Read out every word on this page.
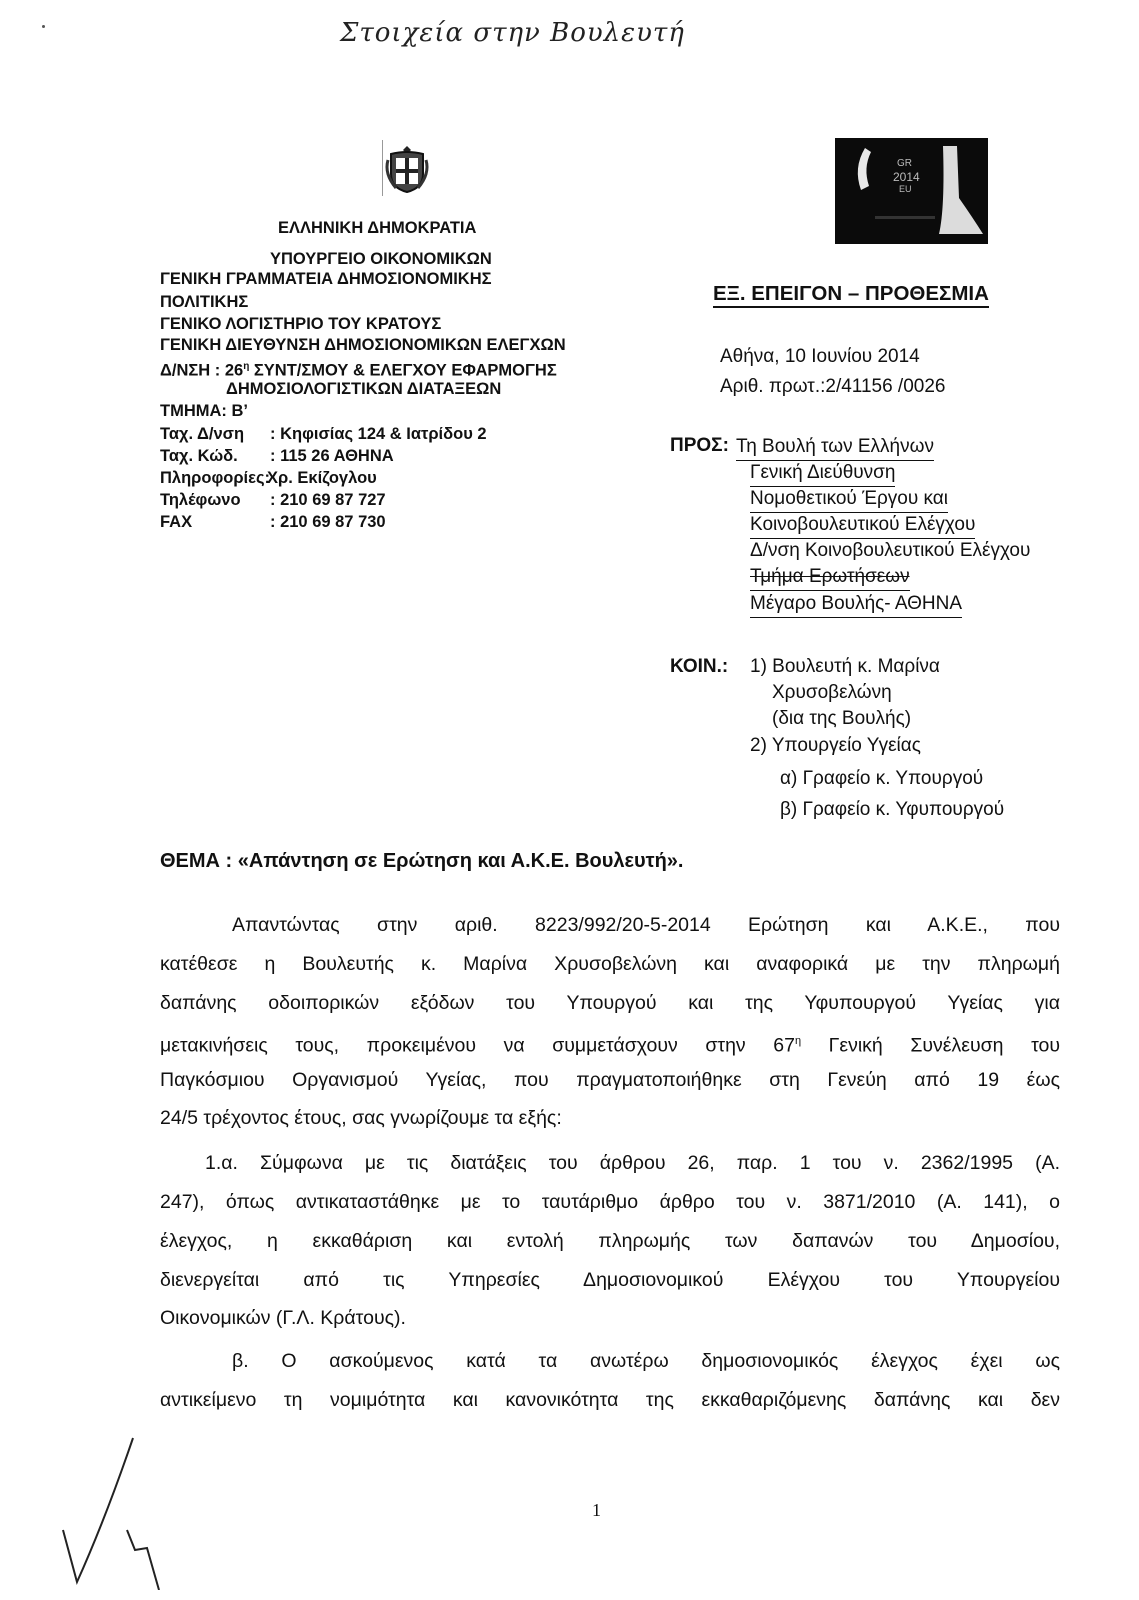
Στοιχεία στην Βουλευτή
ΕΛΛΗΝΙΚΗ ΔΗΜΟΚΡΑΤΙΑ
ΥΠΟΥΡΓΕΙΟ ΟΙΚΟΝΟΜΙΚΩΝ
ΓΕΝΙΚΗ ΓΡΑΜΜΑΤΕΙΑ ΔΗΜΟΣΙΟΝΟΜΙΚΗΣ
ΠΟΛΙΤΙΚΗΣ
ΓΕΝΙΚΟ ΛΟΓΙΣΤΗΡΙΟ ΤΟΥ ΚΡΑΤΟΥΣ
ΓΕΝΙΚΗ ΔΙΕΥΘΥΝΣΗ ΔΗΜΟΣΙΟΝΟΜΙΚΩΝ ΕΛΕΓΧΩΝ
Δ/ΝΣΗ : $26^\eta$ ΣΥΝΤ/ΣΜΟΥ & ΕΛΕΓΧΟΥ ΕΦΑΡΜΟΓΗΣ
ΔΗΜΟΣΙΟΛΟΓΙΣΤΙΚΩΝ ΔΙΑΤΑΞΕΩΝ
ΤΜΗΜΑ: Β’
Ταχ. Δ/νση : Κηφισίας 124 & Ιατρίδου 2
Ταχ. Κώδ. : 115 26 ΑΘΗΝΑ
Πληροφορίες:
Χρ. Εκίζογλου
Τηλέφωνο : 210 69 87 727
FAX	: 210 69 87 730
GR
2014
EU
ΕΞ. ΕΠΕΙΓΟΝ – ΠΡΟΘΕΣΜΙΑ
Αθήνα, 10 Ιουνίου 2014
Αριθ. πρωτ.:2/41156 /0026
ΠΡΟΣ: Τη Βουλή των Ελλήνων
Γενική Διεύθυνση
Νομοθετικού Έργου και
Κοινοβουλευτικού Ελέγχου
Δ/νση Κοινοβουλευτικού Ελέγχου
Τμήμα Ερωτήσεων
Μέγαρο Βουλής- ΑΘΗΝΑ
ΚΟΙΝ.: 1) Βουλευτή κ. Μαρίνα
Χρυσοβελώνη
(δια της Βουλής)
2) Υπουργείο Υγείας
α) Γραφείο κ. Υπουργού
β) Γραφείο κ. Υφυπουργού
ΘΕΜΑ : «Απάντηση σε Ερώτηση και Α.Κ.Ε. Βουλευτή».
Απαντώντας στην αριθ. 8223/992/20-5-2014 Ερώτηση και Α.Κ.Ε., που
κατέθεσε η Βουλευτής κ. Μαρίνα Χρυσοβελώνη και αναφορικά με την πληρωμή
δαπάνης οδοιπορικών εξόδων του Υπουργού και της Υφυπουργού Υγείας για
μετακινήσεις τους, προκειμένου να συμμετάσχουν στην $67^\eta$ Γενική Συνέλευση του
Παγκόσμιου Οργανισμού Υγείας, που πραγματοποιήθηκε στη Γενεύη από 19 έως
24/5 τρέχοντος έτους, σας γνωρίζουμε τα εξής:
1.α. Σύμφωνα με τις διατάξεις του άρθρου 26, παρ. 1 του ν. 2362/1995 (Α.
247), όπως αντικαταστάθηκε με το ταυτάριθμο άρθρο του ν. 3871/2010 (Α. 141), ο
έλεγχος, η εκκαθάριση και εντολή πληρωμής των δαπανών του Δημοσίου,
διενεργείται από τις Υπηρεσίες Δημοσιονομικού Ελέγχου του Υπουργείου
Οικονομικών (Γ.Λ. Κράτους).
β. Ο ασκούμενος κατά τα ανωτέρω δημοσιονομικός έλεγχος έχει ως
αντικείμενο τη νομιμότητα και κανονικότητα της εκκαθαριζόμενης δαπάνης και δεν
1
